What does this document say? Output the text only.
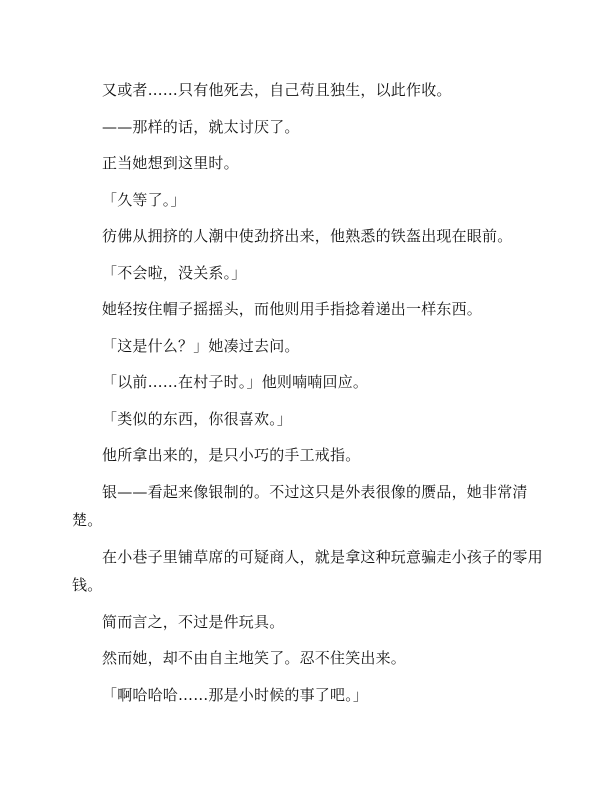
又或者……只有他死去，自己苟且独生，以此作收。

——那样的话，就太讨厌了。

正当她想到这里时。

「久等了。」

彷佛从拥挤的人潮中使劲挤出来，他熟悉的铁盔出现在眼前。

「不会啦，没关系。」

她轻按住帽子摇摇头，而他则用手指捻着递出一样东西。

「这是什么？」她凑过去问。

「以前……在村子时。」他则喃喃回应。

「类似的东西，你很喜欢。」

他所拿出来的，是只小巧的手工戒指。

银——看起来像银制的。不过这只是外表很像的赝品，她非常清楚。

在小巷子里铺草席的可疑商人，就是拿这种玩意骗走小孩子的零用钱。

简而言之，不过是件玩具。

然而她，却不由自主地笑了。忍不住笑出来。

「啊哈哈哈……那是小时候的事了吧。」
